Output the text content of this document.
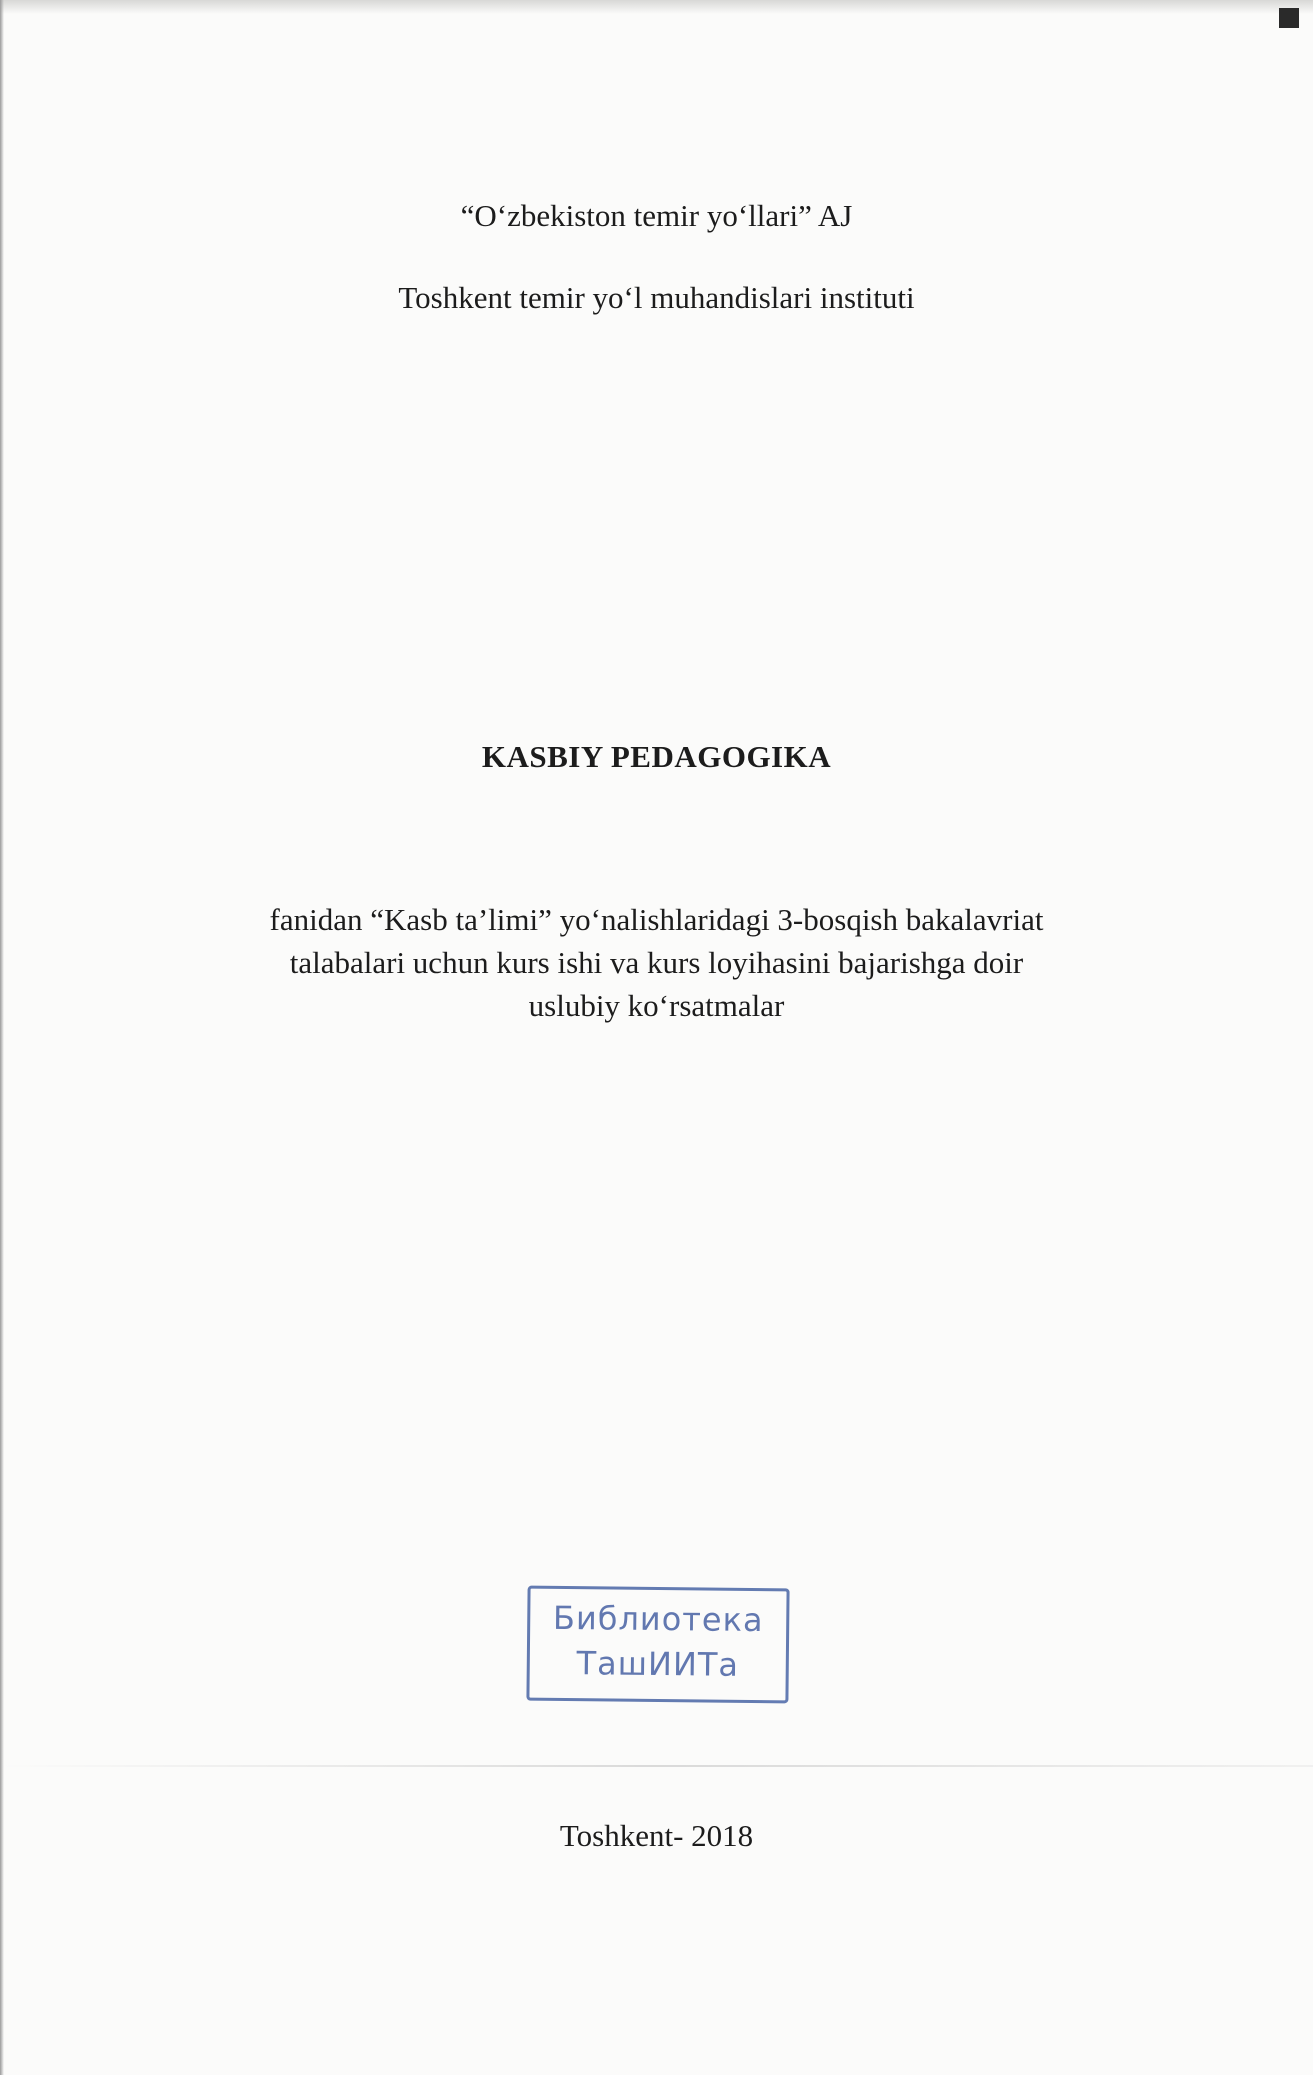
“O‘zbekiston temir yo‘llari” AJ
Toshkent temir yo‘l muhandislari instituti
KASBIY PEDAGOGIKA
fanidan “Kasb ta’limi” yo‘nalishlaridagi 3-bosqish bakalavriat
talabalari uchun kurs ishi va kurs loyihasini bajarishga doir
uslubiy ko‘rsatmalar
Библиотека
ТашИИТа
Toshkent- 2018
